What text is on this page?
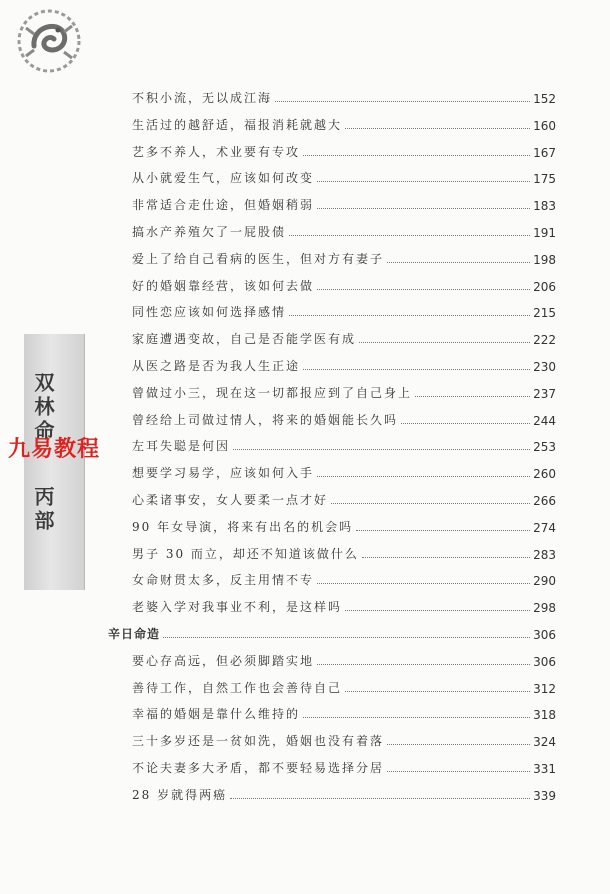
双林命
丙部
九易教程
不积小流，无以成江海	152
生活过的越舒适，福报消耗就越大	160
艺多不养人，术业要有专攻	167
从小就爱生气，应该如何改变	175
非常适合走仕途，但婚姻稍弱	183
搞水产养殖欠了一屁股债	191
爱上了给自己看病的医生，但对方有妻子	198
好的婚姻靠经营，该如何去做	206
同性恋应该如何选择感情	215
家庭遭遇变故，自己是否能学医有成	222
从医之路是否为我人生正途	230
曾做过小三，现在这一切都报应到了自己身上	237
曾经给上司做过情人，将来的婚姻能长久吗	244
左耳失聪是何因	253
想要学习易学，应该如何入手	260
心柔诸事安，女人要柔一点才好	266
90 年女导演，将来有出名的机会吗	274
男子 30 而立，却还不知道该做什么	283
女命财贯太多，反主用情不专	290
老婆入学对我事业不利，是这样吗	298
辛日命造	306
要心存高远，但必须脚踏实地	306
善待工作，自然工作也会善待自己	312
幸福的婚姻是靠什么维持的	318
三十多岁还是一贫如洗，婚姻也没有着落	324
不论夫妻多大矛盾，都不要轻易选择分居	331
28 岁就得两癌	339
